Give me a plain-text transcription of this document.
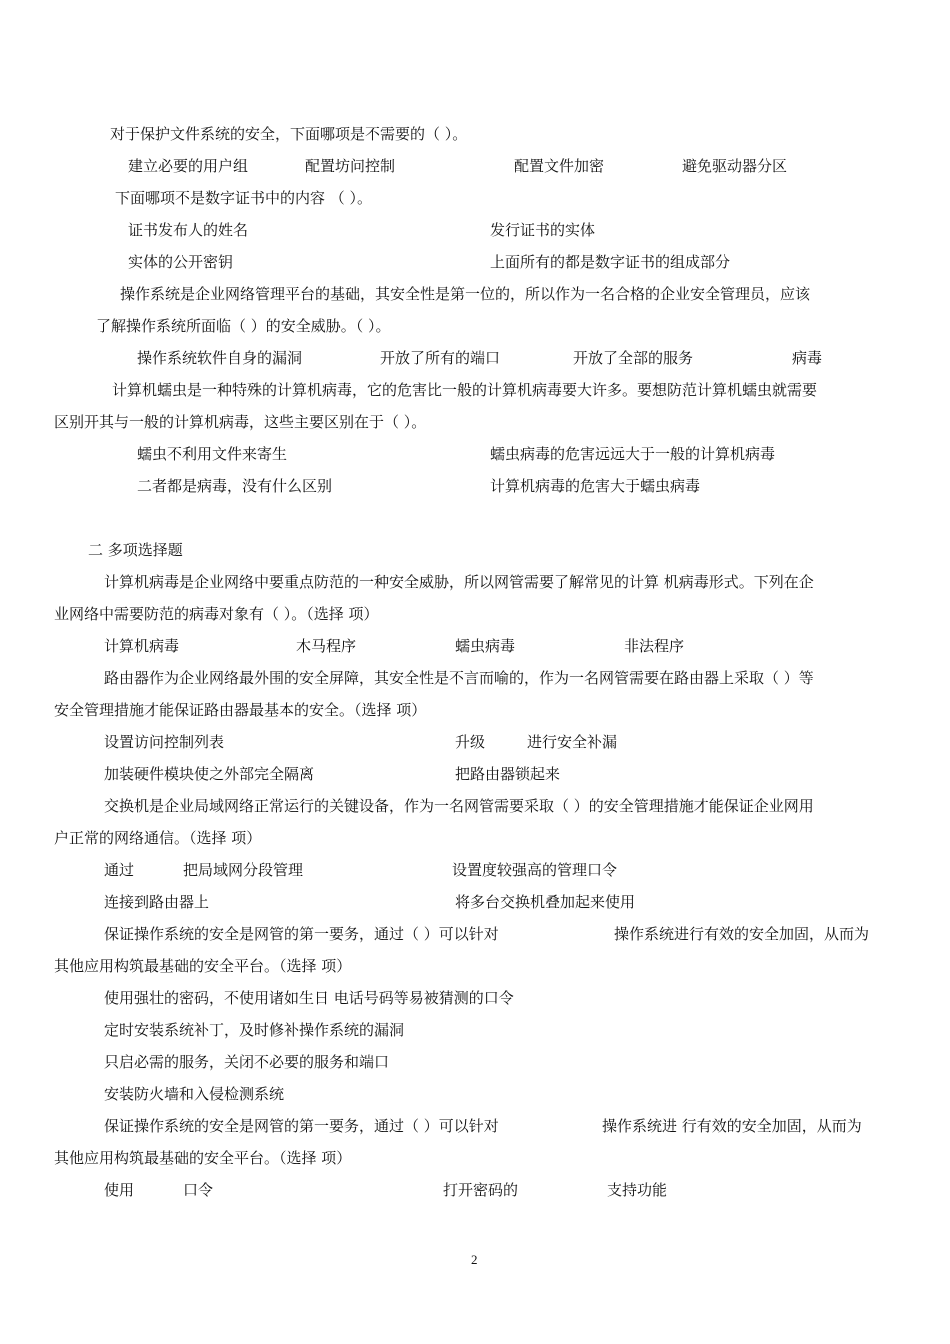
对于保护文件系统的安全，下面哪项是不需要的（ ）。
建立必要的用户组	配置坊问控制	配置文件加密	避免驱动器分区
下面哪项不是数字证书中的内容 （ ）。
证书发布人的姓名	发行证书的实体
实体的公开密钥	上面所有的都是数字证书的组成部分
操作系统是企业网络管理平台的基础，其安全性是第一位的，所以作为一名合格的企业安全管理员，应该
了解操作系统所面临（ ）的安全威胁。（ ）。
操作系统软件自身的漏洞	开放了所有的端口	开放了全部的服务	病毒
计算机蠕虫是一种特殊的计算机病毒，它的危害比一般的计算机病毒要大许多。要想防范计算机蠕虫就需要
区别开其与一般的计算机病毒，这些主要区别在于（ ）。
蠕虫不利用文件来寄生	蠕虫病毒的危害远远大于一般的计算机病毒
二者都是病毒，没有什么区别	计算机病毒的危害大于蠕虫病毒
二 多项选择题
计算机病毒是企业网络中要重点防范的一种安全威胁，所以网管需要了解常见的计算 机病毒形式。下列在企
业网络中需要防范的病毒对象有（ ）。（选择 项）
计算机病毒	木马程序	蠕虫病毒	非法程序
路由器作为企业网络最外围的安全屏障，其安全性是不言而喻的，作为一名网管需要在路由器上采取（ ）等
安全管理措施才能保证路由器最基本的安全。（选择 项）
设置访问控制列表	升级	进行安全补漏
加装硬件模块使之外部完全隔离	把路由器锁起来
交换机是企业局域网络正常运行的关键设备，作为一名网管需要采取（ ）的安全管理措施才能保证企业网用
户正常的网络通信。（选择 项）
通过	把局域网分段管理	设置度较强高的管理口令
连接到路由器上	将多台交换机叠加起来使用
保证操作系统的安全是网管的第一要务，通过（ ）可以针对	操作系统进行有效的安全加固，从而为
其他应用构筑最基础的安全平台。（选择 项）
使用强壮的密码，不使用诸如生日 电话号码等易被猜测的口令
定时安装系统补丁，及时修补操作系统的漏洞
只启必需的服务，关闭不必要的服务和端口
安装防火墙和入侵检测系统
保证操作系统的安全是网管的第一要务，通过（ ）可以针对	操作系统进 行有效的安全加固，从而为
其他应用构筑最基础的安全平台。（选择 项）
使用	口令	打开密码的	支持功能
2
